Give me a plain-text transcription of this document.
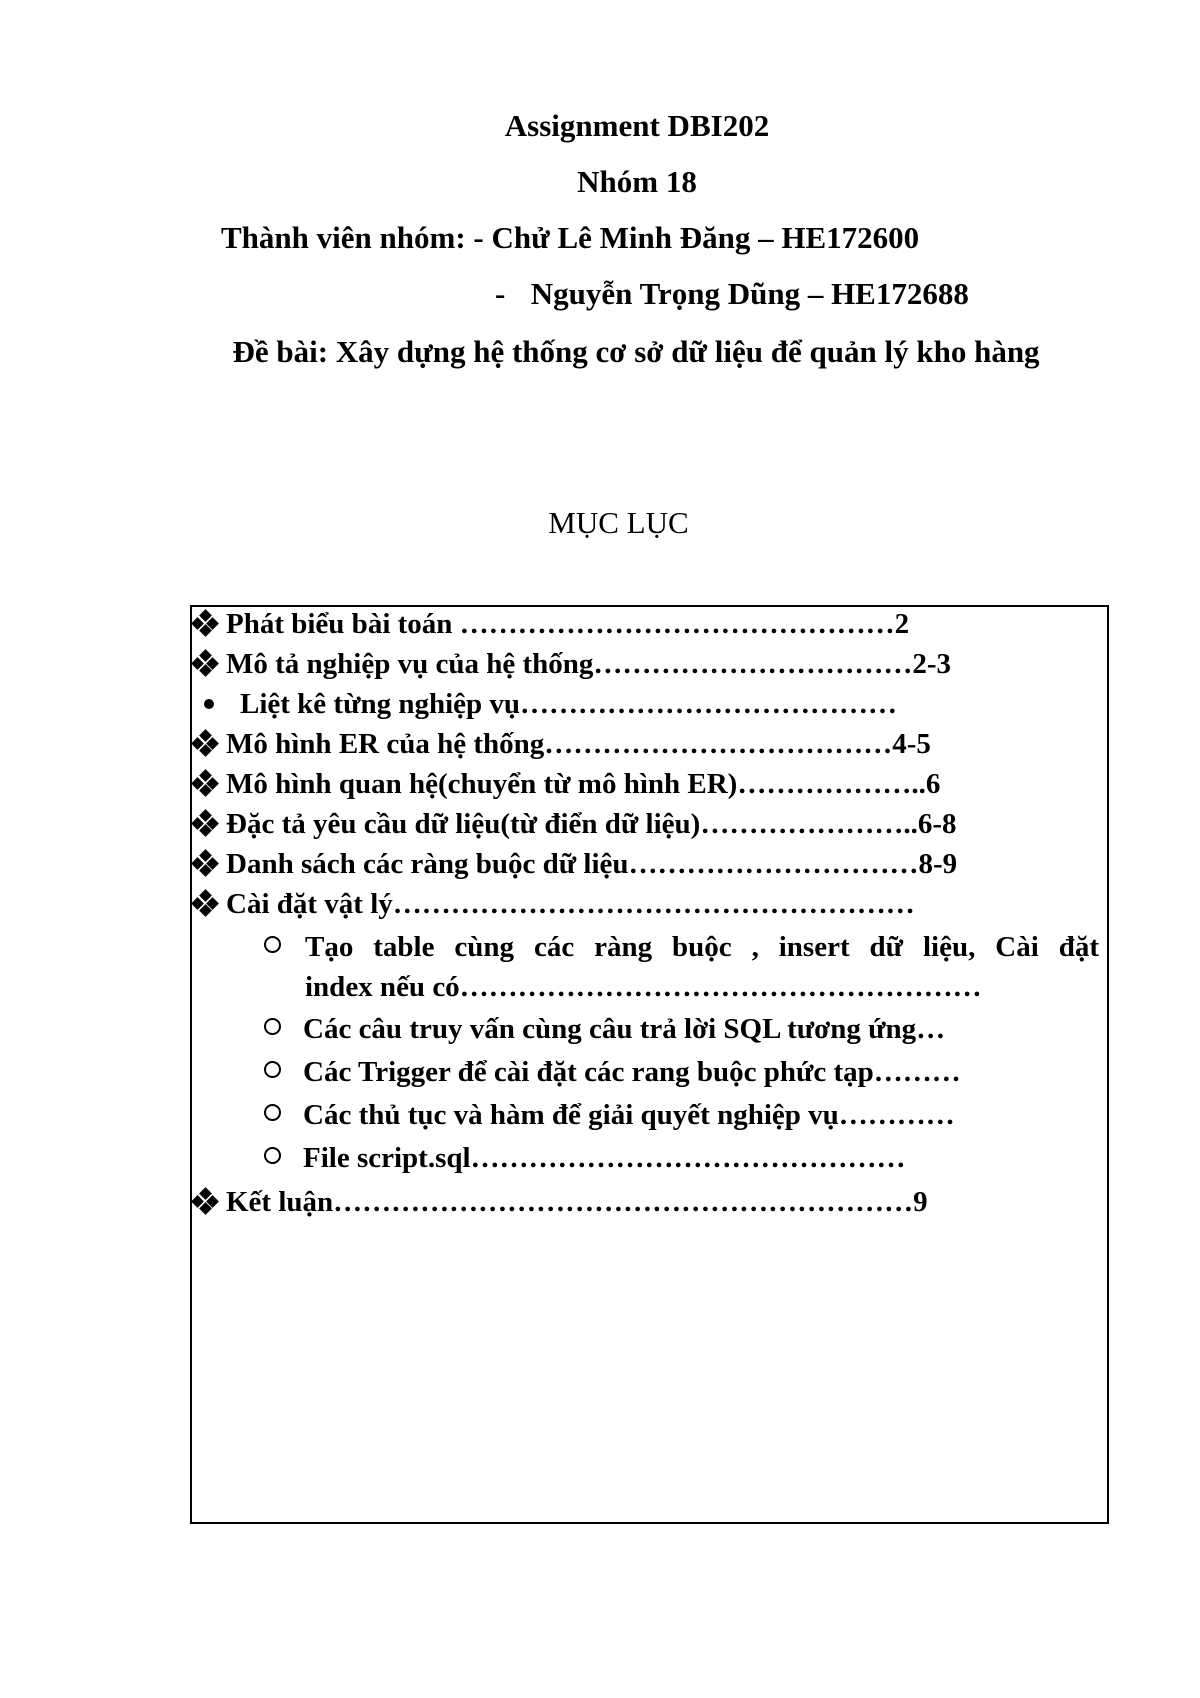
Assignment DBI202
Nhóm 18
Thành viên nhóm: - Chử Lê Minh Đăng – HE172600
- Nguyễn Trọng Dũng – HE172688
Đề bài: Xây dựng hệ thống cơ sở dữ liệu để quản lý kho hàng
MỤC LỤC
Phát biểu bài toán ………………………………………2
Mô tả nghiệp vụ của hệ thống……………………………2-3
Liệt kê từng nghiệp vụ…………………………………
Mô hình ER của hệ thống………………………………4-5
Mô hình quan hệ(chuyển từ mô hình ER)………………..6
Đặc tả yêu cầu dữ liệu(từ điển dữ liệu)…………………..6-8
Danh sách các ràng buộc dữ liệu…………………………8-9
Cài đặt vật lý………………………………………………
Tạo table cùng các ràng buộc , insert dữ liệu, Cài đặt
index nếu có………………………………………………
Các câu truy vấn cùng câu trả lời SQL tương ứng…
Các Trigger để cài đặt các rang buộc phức tạp………
Các thủ tục và hàm để giải quyết nghiệp vụ…………
File script.sql………………………………………
Kết luận……………………………………………………9
